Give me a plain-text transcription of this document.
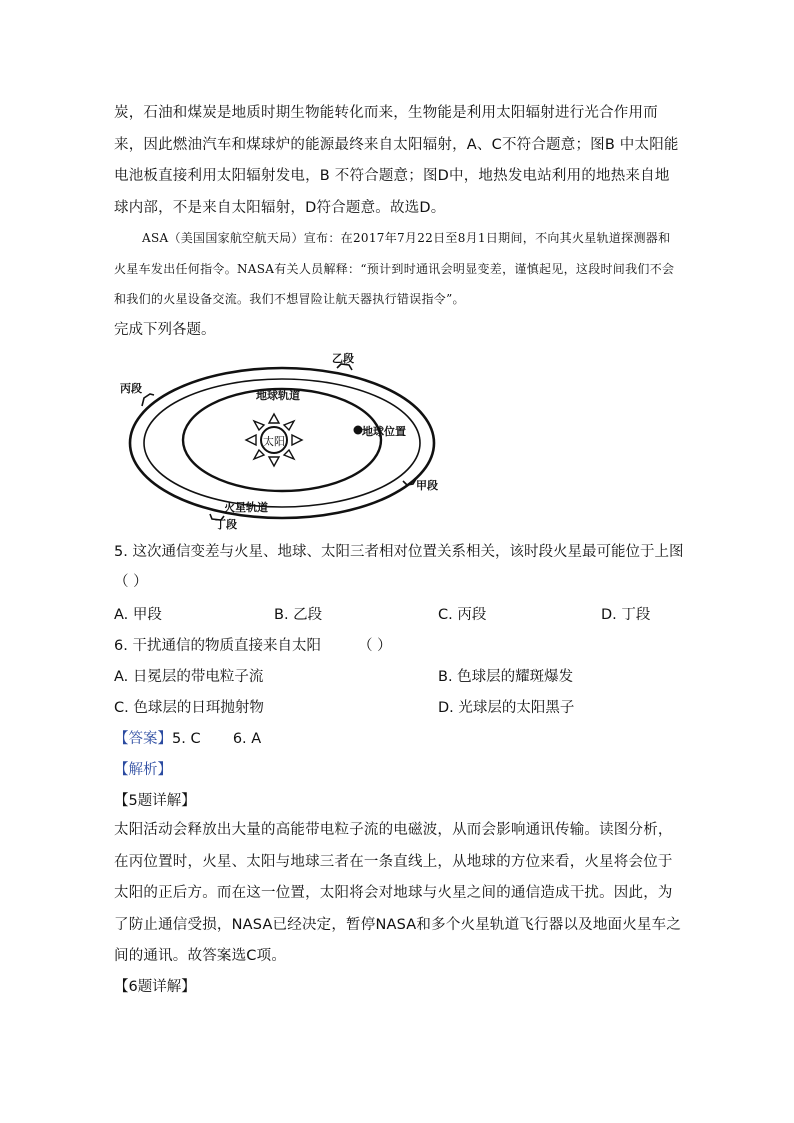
炭，石油和煤炭是地质时期生物能转化而来，生物能是利用太阳辐射进行光合作用而来，因此燃油汽车和煤球炉的能源最终来自太阳辐射，A、C不符合题意；图B 中太阳能电池板直接利用太阳辐射发电，B 不符合题意；图D中，地热发电站利用的地热来自地球内部，不是来自太阳辐射，D符合题意。故选D。

ASA（美国国家航空航天局）宣布：在2017年7月22日至8月1日期间，不向其火星轨道探测器和火星车发出任何指令。NASA有关人员解释：“预计到时通讯会明显变差，谨慎起见，这段时间我们不会和我们的火星设备交流。我们不想冒险让航天器执行错误指令”。

完成下列各题。
太阳
地球位置
地球轨道
火星轨道
乙段
丙段
甲段
丁段
5. 这次通信变差与火星、地球、太阳三者相对位置关系相关，该时段火星最可能位于上图
（ ）
A. 甲段	B. 乙段	C. 丙段	D. 丁段
6. 干扰通信的物质直接来自太阳	（ ）
A. 日冕层的带电粒子流	B. 色球层的耀斑爆发
C. 色球层的日珥抛射物	D. 光球层的太阳黑子
【答案】5. C       6. A
【解析】
【5题详解】

太阳活动会释放出大量的高能带电粒子流的电磁波，从而会影响通讯传输。读图分析，在丙位置时，火星、太阳与地球三者在一条直线上，从地球的方位来看，火星将会位于太阳的正后方。而在这一位置，太阳将会对地球与火星之间的通信造成干扰。因此，为了防止通信受损，NASA已经决定，暂停NASA和多个火星轨道飞行器以及地面火星车之间的通讯。故答案选C项。

【6题详解】
